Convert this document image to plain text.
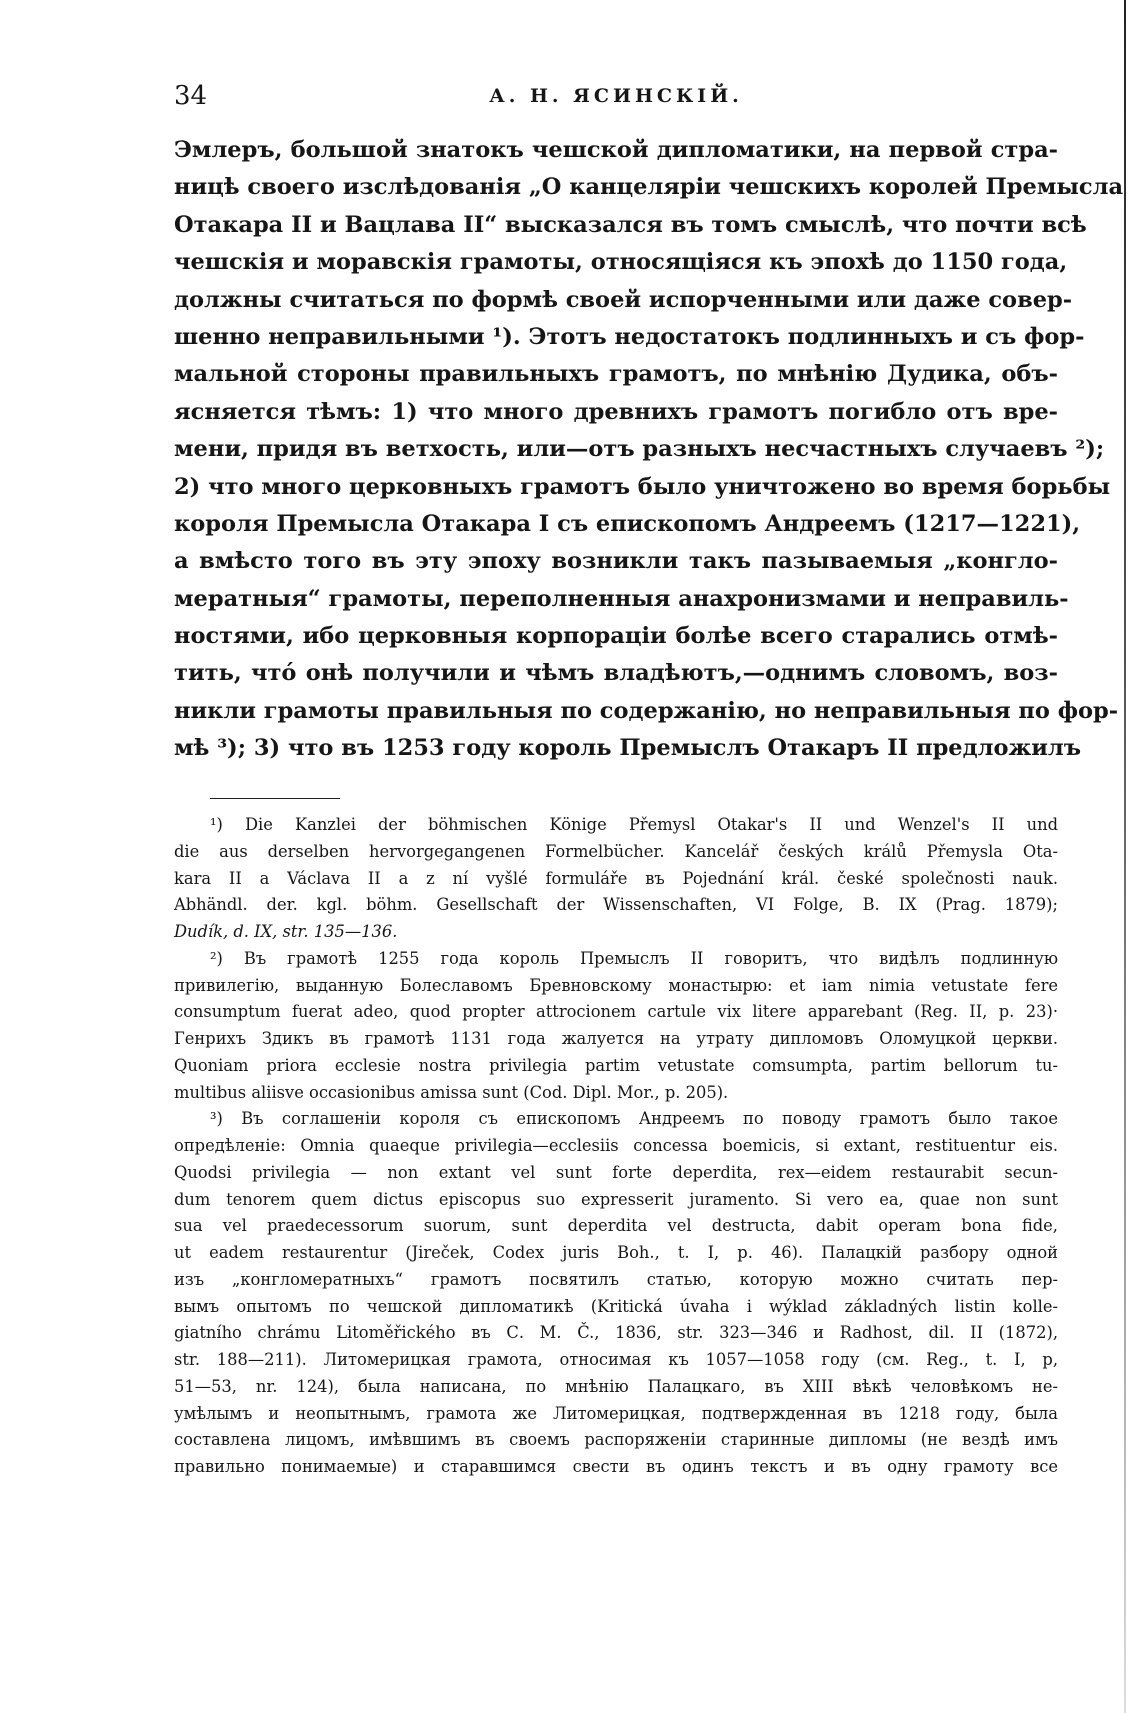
34	А. Н. ЯСИНСКІЙ.
Эмлеръ, большой знатокъ чешской дипломатики, на первой стра-
ницѣ своего изслѣдованія „О канцеляріи чешскихъ королей Премысла
Отакара II и Вацлава II“ высказался въ томъ смыслѣ, что почти всѣ
чешскія и моравскія грамоты, относящіяся къ эпохѣ до 1150 года,
должны считаться по формѣ своей испорченными или даже совер-
шенно неправильными ¹). Этотъ недостатокъ подлинныхъ и съ фор-
мальной стороны правильныхъ грамотъ, по мнѣнію Дудика, объ-
ясняется тѣмъ: 1) что много древнихъ грамотъ погибло отъ вре-
мени, придя въ ветхость, или—отъ разныхъ несчастныхъ случаевъ ²);
2) что много церковныхъ грамотъ было уничтожено во время борьбы
короля Премысла Отакара I съ епископомъ Андреемъ (1217—1221),
а вмѣсто того въ эту эпоху возникли такъ пазываемыя „конгло-
мератныя“ грамоты, переполненныя анахронизмами и неправиль-
ностями, ибо церковныя корпораціи болѣе всего старались отмѣ-
тить, чтó онѣ получили и чѣмъ владѣютъ,—однимъ словомъ, воз-
никли грамоты правильныя по содержанію, но неправильныя по фор-
мѣ ³); 3) что въ 1253 году король Премыслъ Отакаръ II предложилъ
¹) Die Kanzlei der böhmischen Könige Přemysl Otakar's II und Wenzel's II und
die aus derselben hervorgegangenen Formelbücher. Kancelář českých králů Přemysla Ota-
kara II a Václava II a z ní vyšlé formuláře въ Pojednání král. české společnosti nauk.
Abhändl. der. kgl. böhm. Gesellschaft der Wissenschaften, VI Folge, B. IX (Prag. 1879);
Dudík, d. IX, str. 135—136.
²) Въ грамотѣ 1255 года король Премыслъ II говоритъ, что видѣлъ подлинную
привилегію, выданную Болеславомъ Бревновскому монастырю: et iam nimia vetustate fere
consumptum fuerat adeo, quod propter attrocionem cartule vix litere apparebant (Reg. II, p. 23)·
Генрихъ Здикъ въ грамотѣ 1131 года жалуется на утрату дипломовъ Оломуцкой церкви.
Quoniam priora ecclesie nostra privilegia partim vetustate comsumpta, partim bellorum tu-
multibus aliisve occasionibus amissa sunt (Cod. Dipl. Mor., p. 205).
³) Въ соглашеніи короля съ епископомъ Андреемъ по поводу грамотъ было такое
опредѣленіе: Omnia quaeque privilegia—ecclesiis concessa boemicis, si extant, restituentur eis.
Quodsi privilegia — non extant vel sunt forte deperdita, rex—eidem restaurabit secun-
dum tenorem quem dictus episcopus suo expresserit juramento. Si vero ea, quae non sunt
sua vel praedecessorum suorum, sunt deperdita vel destructa, dabit operam bona fide,
ut eadem restaurentur (Jireček, Codex juris Boh., t. I, p. 46). Палацкій разбору одной
изъ „конгломератныхъ“ грамотъ посвятилъ статью, которую можно считать пер-
вымъ опытомъ по чешской дипломатикѣ (Kritická úvaha i wýklad základných listin kolle-
giatního chrámu Litoměřického въ С. М. Č., 1836, str. 323—346 и Radhost, dil. II (1872),
str. 188—211). Литомерицкая грамота, относимая къ 1057—1058 году (см. Reg., t. I, p,
51—53, nr. 124), была написана, по мнѣнію Палацкаго, въ XIII вѣкѣ человѣкомъ не-
умѣлымъ и неопытнымъ, грамота же Литомерицкая, подтвержденная въ 1218 году, была
составлена лицомъ, имѣвшимъ въ своемъ распоряженіи старинные дипломы (не вездѣ имъ
правильно понимаемые) и старавшимся свести въ одинъ текстъ и въ одну грамоту все
